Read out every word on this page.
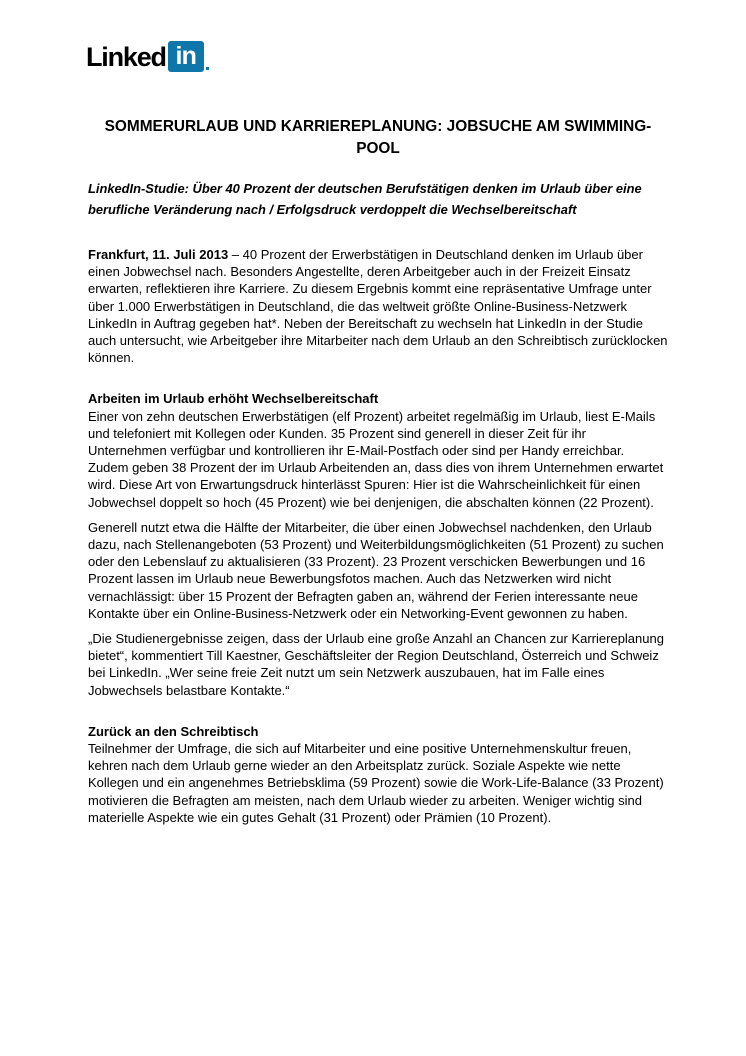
Linked in
SOMMERURLAUB UND KARRIEREPLANUNG: JOBSUCHE AM SWIMMING-POOL
LinkedIn-Studie: Über 40 Prozent der deutschen Berufstätigen denken im Urlaub über eine berufliche Veränderung nach / Erfolgsdruck verdoppelt die Wechselbereitschaft

Frankfurt, 11. Juli 2013 – 40 Prozent der Erwerbstätigen in Deutschland denken im Urlaub über einen Jobwechsel nach. Besonders Angestellte, deren Arbeitgeber auch in der Freizeit Einsatz erwarten, reflektieren ihre Karriere. Zu diesem Ergebnis kommt eine repräsentative Umfrage unter über 1.000 Erwerbstätigen in Deutschland, die das weltweit größte Online-Business-Netzwerk LinkedIn in Auftrag gegeben hat*. Neben der Bereitschaft zu wechseln hat LinkedIn in der Studie auch untersucht, wie Arbeitgeber ihre Mitarbeiter nach dem Urlaub an den Schreibtisch zurücklocken können.

Arbeiten im Urlaub erhöht Wechselbereitschaft

Einer von zehn deutschen Erwerbstätigen (elf Prozent) arbeitet regelmäßig im Urlaub, liest E-Mails und telefoniert mit Kollegen oder Kunden. 35 Prozent sind generell in dieser Zeit für ihr Unternehmen verfügbar und kontrollieren ihr E-Mail-Postfach oder sind per Handy erreichbar. Zudem geben 38 Prozent der im Urlaub Arbeitenden an, dass dies von ihrem Unternehmen erwartet wird. Diese Art von Erwartungsdruck hinterlässt Spuren: Hier ist die Wahrscheinlichkeit für einen Jobwechsel doppelt so hoch (45 Prozent) wie bei denjenigen, die abschalten können (22 Prozent).

Generell nutzt etwa die Hälfte der Mitarbeiter, die über einen Jobwechsel nachdenken, den Urlaub dazu, nach Stellenangeboten (53 Prozent) und Weiterbildungsmöglichkeiten (51 Prozent) zu suchen oder den Lebenslauf zu aktualisieren (33 Prozent). 23 Prozent verschicken Bewerbungen und 16 Prozent lassen im Urlaub neue Bewerbungsfotos machen. Auch das Netzwerken wird nicht vernachlässigt: über 15 Prozent der Befragten gaben an, während der Ferien interessante neue Kontakte über ein Online-Business-Netzwerk oder ein Networking-Event gewonnen zu haben.

„Die Studienergebnisse zeigen, dass der Urlaub eine große Anzahl an Chancen zur Karriereplanung bietet“, kommentiert Till Kaestner, Geschäftsleiter der Region Deutschland, Österreich und Schweiz bei LinkedIn. „Wer seine freie Zeit nutzt um sein Netzwerk auszubauen, hat im Falle eines Jobwechsels belastbare Kontakte.“

Zurück an den Schreibtisch

Teilnehmer der Umfrage, die sich auf Mitarbeiter und eine positive Unternehmenskultur freuen, kehren nach dem Urlaub gerne wieder an den Arbeitsplatz zurück. Soziale Aspekte wie nette Kollegen und ein angenehmes Betriebsklima (59 Prozent) sowie die Work-Life-Balance (33 Prozent) motivieren die Befragten am meisten, nach dem Urlaub wieder zu arbeiten. Weniger wichtig sind materielle Aspekte wie ein gutes Gehalt (31 Prozent) oder Prämien (10 Prozent).
